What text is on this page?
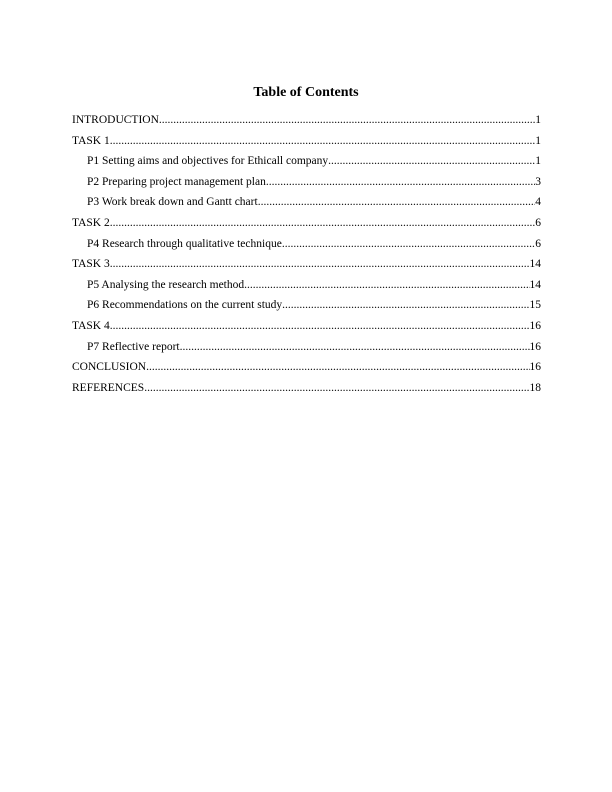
Table of Contents
INTRODUCTION .....	1
TASK 1 .....	1
P1 Setting aims and objectives for Ethicall company .....	1
P2 Preparing project management plan .....	3
P3 Work break down and Gantt chart .....	4
TASK 2 .....	6
P4 Research through qualitative technique .....	6
TASK 3 .....	14
P5 Analysing the research method .....	14
P6 Recommendations on the current study .....	15
TASK 4 .....	16
P7 Reflective report .....	16
CONCLUSION .....	16
REFERENCES .....	18
